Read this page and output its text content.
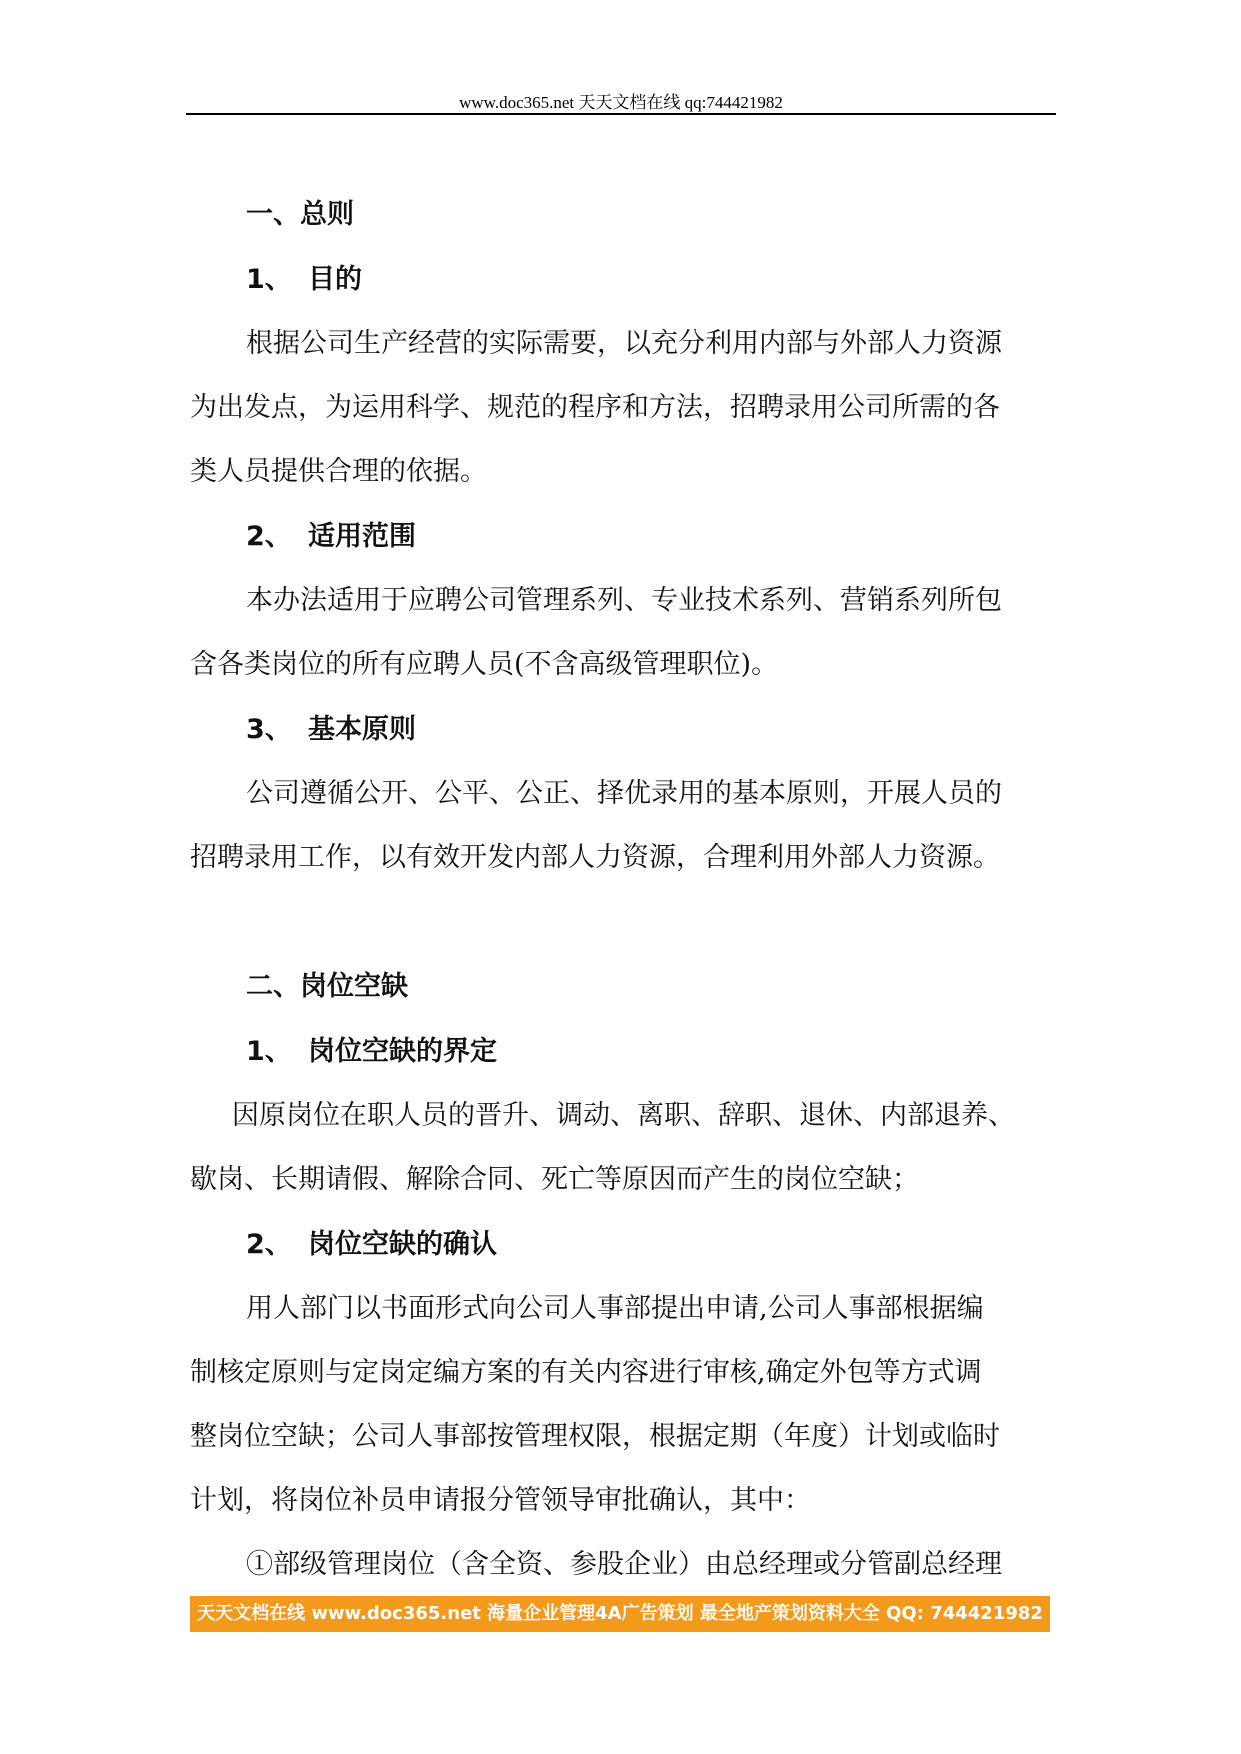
www.doc365.net 天天文档在线 qq:744421982
一、总则
1、 目的
根据公司生产经营的实际需要，以充分利用内部与外部人力资源
为出发点，为运用科学、规范的程序和方法，招聘录用公司所需的各
类人员提供合理的依据。
2、 适用范围
本办法适用于应聘公司管理系列、专业技术系列、营销系列所包
含各类岗位的所有应聘人员(不含高级管理职位)。
3、 基本原则
公司遵循公开、公平、公正、择优录用的基本原则，开展人员的
招聘录用工作，以有效开发内部人力资源，合理利用外部人力资源。
二、岗位空缺
1、 岗位空缺的界定
因原岗位在职人员的晋升、调动、离职、辞职、退休、内部退养、
歇岗、长期请假、解除合同、死亡等原因而产生的岗位空缺；
2、 岗位空缺的确认
用人部门以书面形式向公司人事部提出申请,公司人事部根据编
制核定原则与定岗定编方案的有关内容进行审核,确定外包等方式调
整岗位空缺；公司人事部按管理权限，根据定期（年度）计划或临时
计划，将岗位补员申请报分管领导审批确认，其中：
①部级管理岗位（含全资、参股企业）由总经理或分管副总经理
天天文档在线 www.doc365.net 海量企业管理4A广告策划 最全地产策划资料大全 QQ: 744421982
